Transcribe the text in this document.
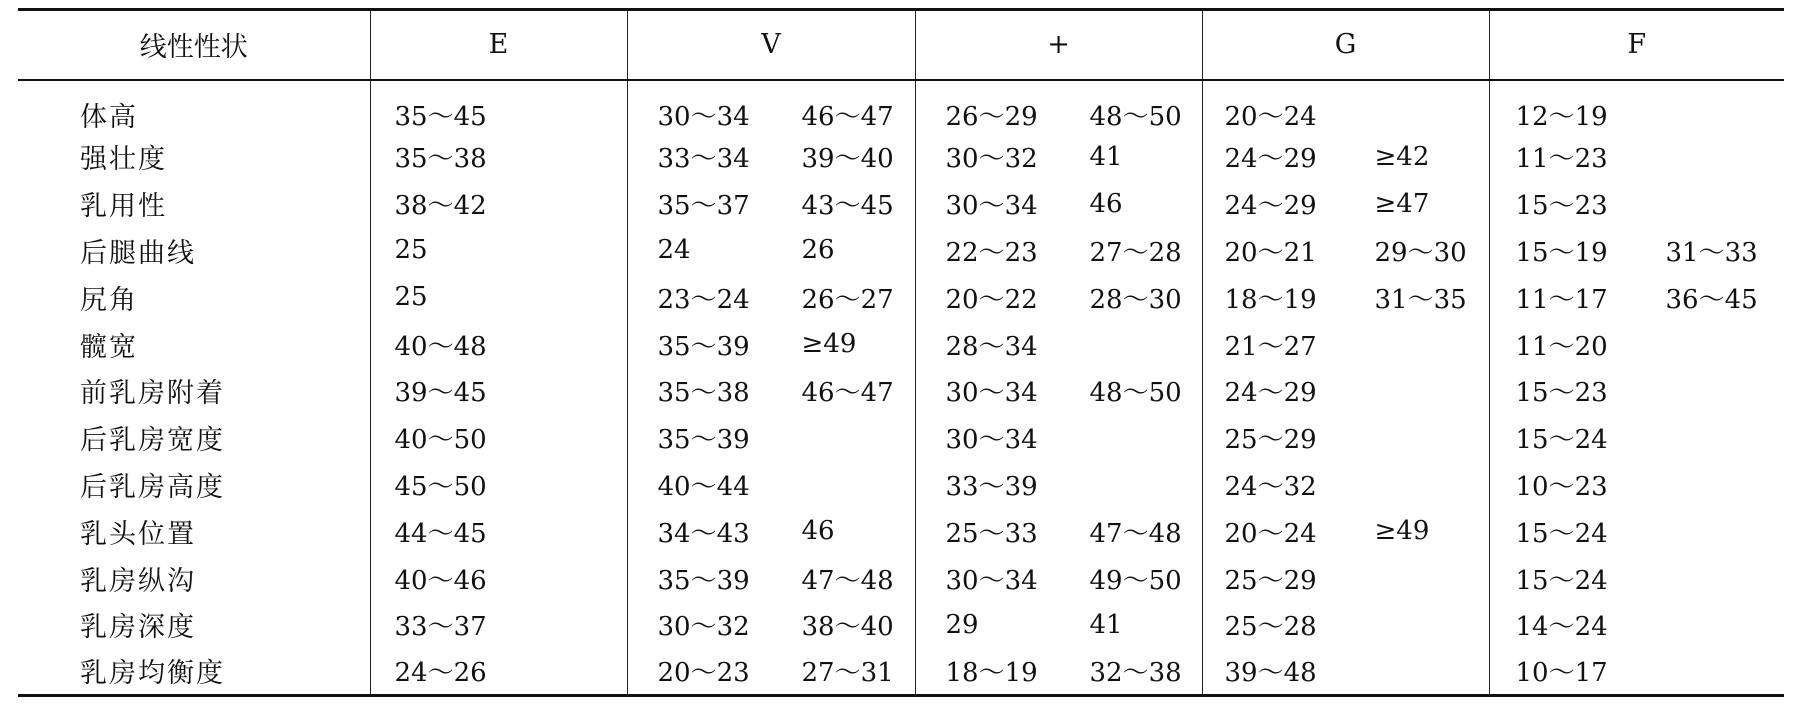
线性性状	E	V	+	G	F
体高	35～45	30～34 46～47	26～29 48～50	20～24	12～19

强壮度	35～38	33～34 39～40	30～32 41	24～29 ≥42	11～23

乳用性	38～42	35～37 43～45	30～34 46	24～29 ≥47	15～23

后腿曲线	25	24 26	22～23 27～28	20～21 29～30	15～19 31～33

尻角	25	23～24 26～27	20～22 28～30	18～19 31～35	11～17 36～45

髋宽	40～48	35～39 ≥49	28～34	21～27	11～20

前乳房附着	39～45	35～38 46～47	30～34 48～50	24～29	15～23

后乳房宽度	40～50	35～39	30～34	25～29	15～24

后乳房高度	45～50	40～44	33～39	24～32	10～23

乳头位置	44～45	34～43 46	25～33 47～48	20～24 ≥49	15～24

乳房纵沟	40～46	35～39 47～48	30～34 49～50	25～29	15～24

乳房深度	33～37	30～32 38～40	29 41	25～28	14～24

乳房均衡度	24～26	20～23 27～31	18～19 32～38	39～48	10～17
